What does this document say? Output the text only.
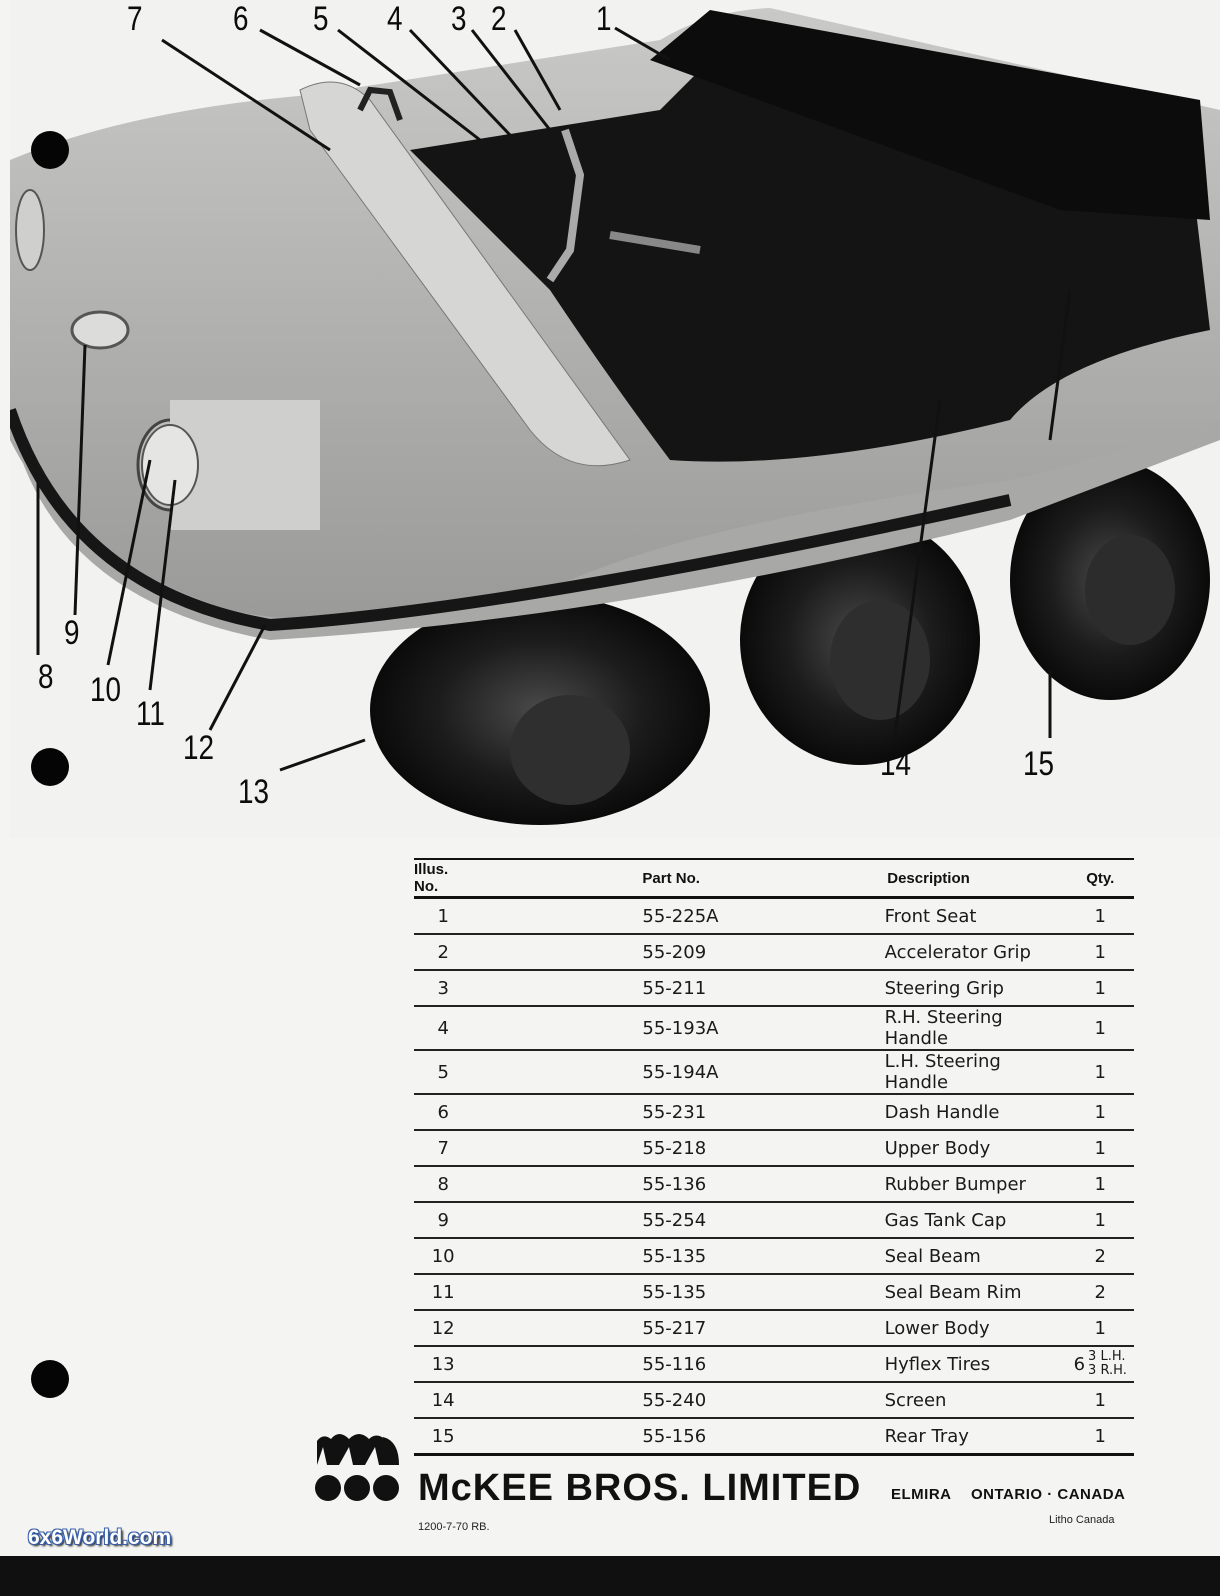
1
2
3
4
5
6
7
8
9
10
11
12
13
14	15
Illus. No.	Part No.	Description	Qty.
1	55-225A	Front Seat	1
2	55-209	Accelerator Grip	1
3	55-211	Steering Grip	1
4	55-193A	R.H. Steering Handle	1
5	55-194A	L.H. Steering Handle	1
6	55-231	Dash Handle	1
7	55-218	Upper Body	1
8	55-136	Rubber Bumper	1
9	55-254	Gas Tank Cap	1
10	55-135	Seal Beam	2
11	55-135	Seal Beam Rim	2
12	55-217	Lower Body	1
13	55-116	Hyflex Tires	6 3 L.H.
3 R.H.

14	55-240	Screen	1
15	55-156	Rear Tray	1
McKEE BROS. LIMITED ELMIRA ONTARIO · CANADA
1200-7-70 RB.
Litho Canada
6x6World.com
